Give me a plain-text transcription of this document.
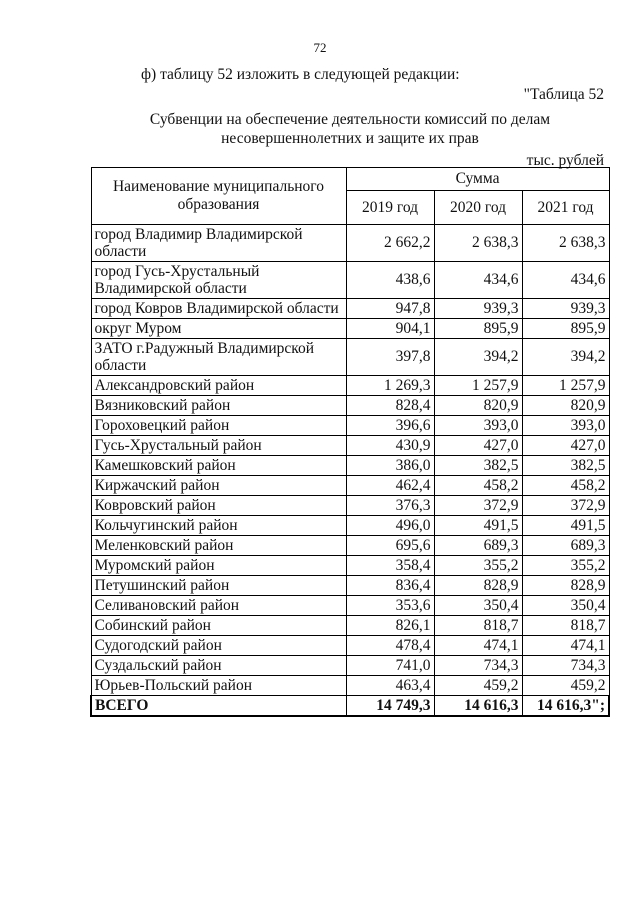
72
ф) таблицу 52 изложить в следующей редакции:
"Таблица 52
Субвенции на обеспечение деятельности комиссий по делам
несовершеннолетних и защите их прав
тыс. рублей
Наименование муниципального образования	Сумма		
	2019 год	2020 год	2021 год
город Владимир Владимирской области	2 662,2	2 638,3	2 638,3
город Гусь-Хрустальный Владимирской области	438,6	434,6	434,6
город Ковров Владимирской области	947,8	939,3	939,3
округ Муром	904,1	895,9	895,9
ЗАТО г.Радужный Владимирской области	397,8	394,2	394,2
Александровский район	1 269,3	1 257,9	1 257,9
Вязниковский район	828,4	820,9	820,9
Гороховецкий район	396,6	393,0	393,0
Гусь-Хрустальный район	430,9	427,0	427,0
Камешковский район	386,0	382,5	382,5
Киржачский район	462,4	458,2	458,2
Ковровский район	376,3	372,9	372,9
Кольчугинский район	496,0	491,5	491,5
Меленковский район	695,6	689,3	689,3
Муромский район	358,4	355,2	355,2
Петушинский район	836,4	828,9	828,9
Селивановский район	353,6	350,4	350,4
Собинский район	826,1	818,7	818,7
Судогодский район	478,4	474,1	474,1
Суздальский район	741,0	734,3	734,3
Юрьев-Польский район	463,4	459,2	459,2
ВСЕГО	14 749,3	14 616,3	14 616,3";
